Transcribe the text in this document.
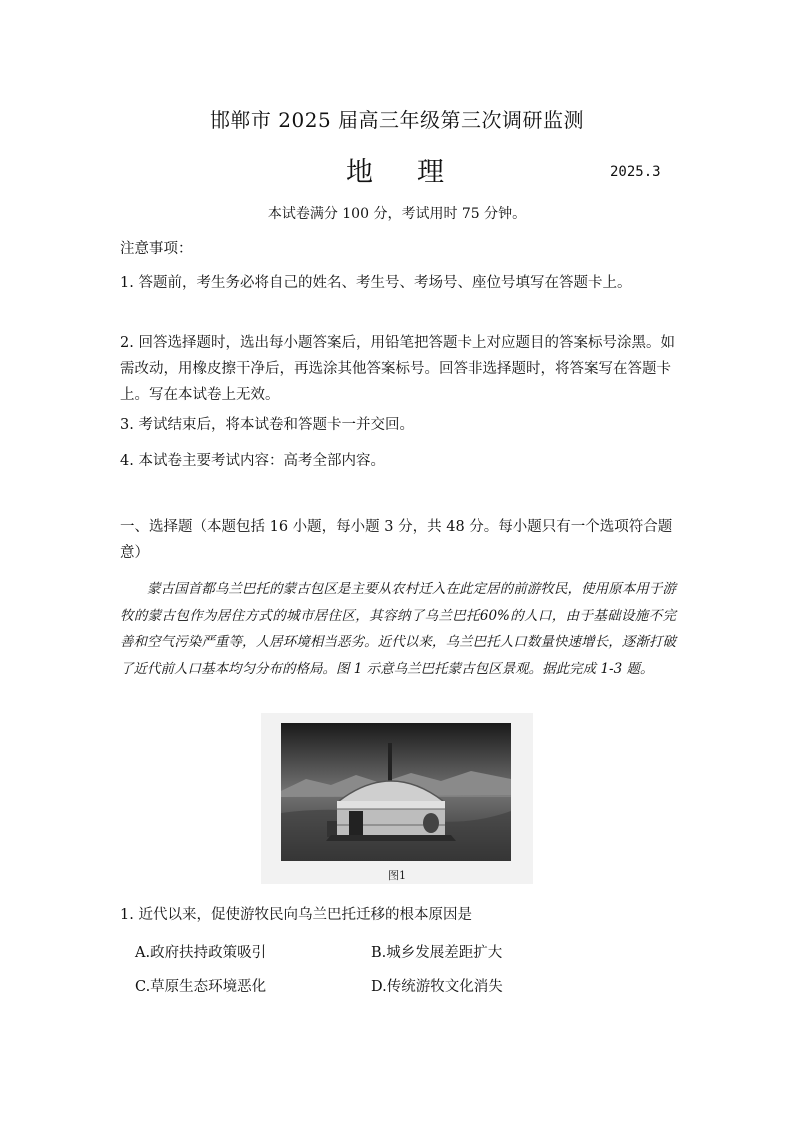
邯郸市 2025 届高三年级第三次调研监测
地 理	2025.3
本试卷满分 100 分，考试用时 75 分钟。
注意事项：
1. 答题前，考生务必将自己的姓名、考生号、考场号、座位号填写在答题卡上。
2. 回答选择题时，选出每小题答案后，用铅笔把答题卡上对应题目的答案标号涂黑。如需改动，用橡皮擦干净后，再选涂其他答案标号。回答非选择题时，将答案写在答题卡上。写在本试卷上无效。
3. 考试结束后，将本试卷和答题卡一并交回。
4. 本试卷主要考试内容：高考全部内容。
一、选择题（本题包括 16 小题，每小题 3 分，共 48 分。每小题只有一个选项符合题意）
蒙古国首都乌兰巴托的蒙古包区是主要从农村迁入在此定居的前游牧民，使用原本用于游牧的蒙古包作为居住方式的城市居住区，其容纳了乌兰巴托60%的人口，由于基础设施不完善和空气污染严重等，人居环境相当恶劣。近代以来，乌兰巴托人口数量快速增长，逐渐打破了近代前人口基本均匀分布的格局。图 1 示意乌兰巴托蒙古包区景观。据此完成 1-3 题。
图1
1. 近代以来，促使游牧民向乌兰巴托迁移的根本原因是
A.政府扶持政策吸引	B.城乡发展差距扩大
C.草原生态环境恶化	D.传统游牧文化消失
